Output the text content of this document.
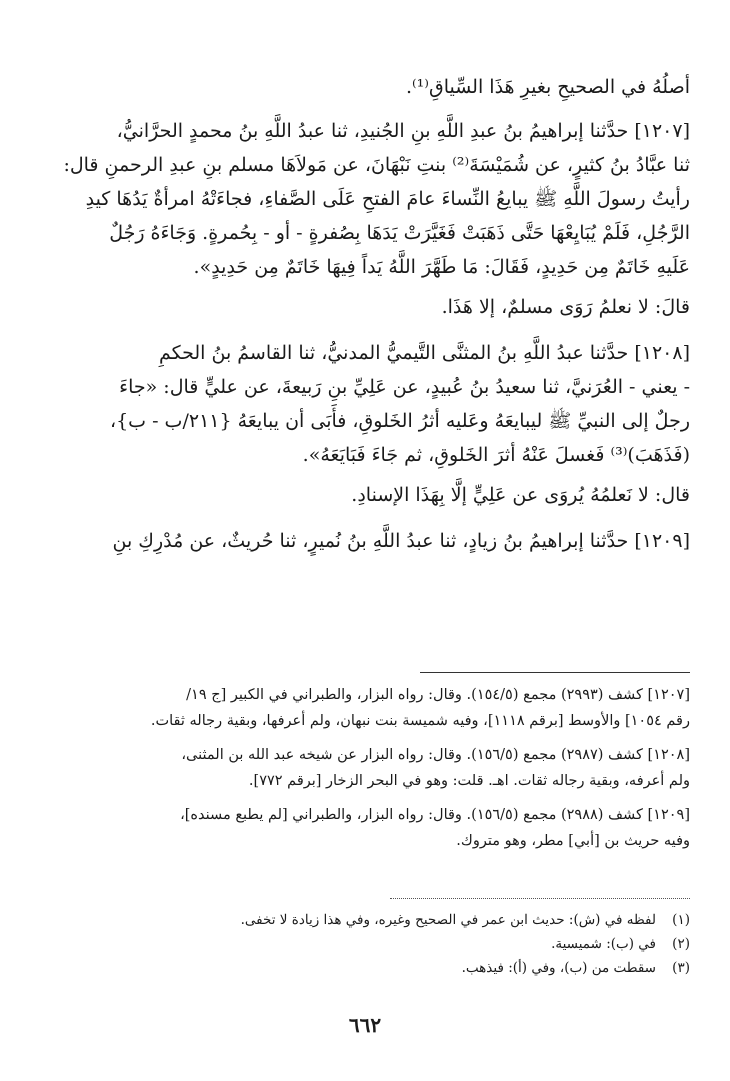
أصلُهُ في الصحيحِ بغيرِ هَذَا السِّياقِ⁽¹⁾.

[١٢٠٧] حدَّثنا إبراهيمُ بنُ عبدِ اللَّهِ بنِ الجُنيدِ، ثنا عبدُ اللَّهِ بنُ محمدٍ الحرَّانيُّ،

ثنا عبَّادُ بنُ كثيرٍ، عن شُمَيْسَةَ⁽²⁾ بنتِ نَبْهَانَ، عن مَولاَهَا مسلم بنِ عبدِ الرحمنِ قال:

رأيتُ رسولَ اللَّهِ ﷺ يبايعُ النِّساءَ عامَ الفتحِ عَلَى الصَّفاءِ، فجاءَتْهُ امرأةٌ يَدُهَا كيدِ

الرَّجُلِ، فَلَمْ يُبَايِعْهَا حَتَّى ذَهَبَتْ فَغَيَّرَتْ يَدَهَا بِصُفرةٍ - أو - بِحُمرةٍ. وَجَاءَهُ رَجُلٌ

عَلَيهِ خَاتَمٌ مِن حَدِيدٍ، فَقَالَ: مَا طَهَّرَ اللَّهُ يَداً فِيهَا خَاتَمٌ مِن حَدِيدٍ».

قالَ: لا نعلمُ رَوَى مسلمٌ، إلا هَذَا.

[١٢٠٨] حدَّثنا عبدُ اللَّهِ بنُ المثنَّى التَّيميُّ المدنيُّ، ثنا القاسمُ بنُ الحكمِ

- يعني - العُرَنيَّ، ثنا سعيدُ بنُ عُبيدٍ، عن عَلِيِّ بنِ رَبيعةَ، عن عليٍّ قال: «جاءَ

رجلٌ إلى النبيِّ ﷺ ليبايعَهُ وعَليه أثرُ الخَلوقِ، فأَبَى أن يبايعَهُ {٢١١/ب - ب}،

(فَذَهَبَ)⁽³⁾ فَغسلَ عَنْهُ أثرَ الخَلوقِ، ثم جَاءَ فَبَايَعَهُ».

قال: لا نَعلمُهُ يُروَى عن عَلِيٍّ إلَّا بِهَذَا الإسنادِ.

[١٢٠٩] حدَّثنا إبراهيمُ بنُ زيادٍ، ثنا عبدُ اللَّهِ بنُ نُميرٍ، ثنا حُريثٌ، عن مُدْرِكِ بنِ

[١٢٠٧] كشف (٢٩٩٣) مجمع (١٥٤/٥). وقال: رواه البزار، والطبراني في الكبير [ج ١٩/

رقم ١٠٥٤] والأوسط [برقم ١١١٨]، وفيه شميسة بنت نبهان، ولم أعرفها، وبقية رجاله ثقات.

[١٢٠٨] كشف (٢٩٨٧) مجمع (١٥٦/٥). وقال: رواه البزار عن شيخه عبد الله بن المثنى،

ولم أعرفه، وبقية رجاله ثقات. اهـ. قلت: وهو في البحر الزخار [برقم ٧٧٢].

[١٢٠٩] كشف (٢٩٨٨) مجمع (١٥٦/٥). وقال: رواه البزار، والطبراني [لم يطبع مسنده]،

وفيه حريث بن [أبي] مطر، وهو متروك.

(١)
لفظه في (ش): حديث ابن عمر في الصحيح وغيره، وفي هذا زيادة لا تخفى.
(٢)
في (ب): شميسية.
(٣)
سقطت من (ب)، وفي (أ): فيذهب.
٦٦٢
